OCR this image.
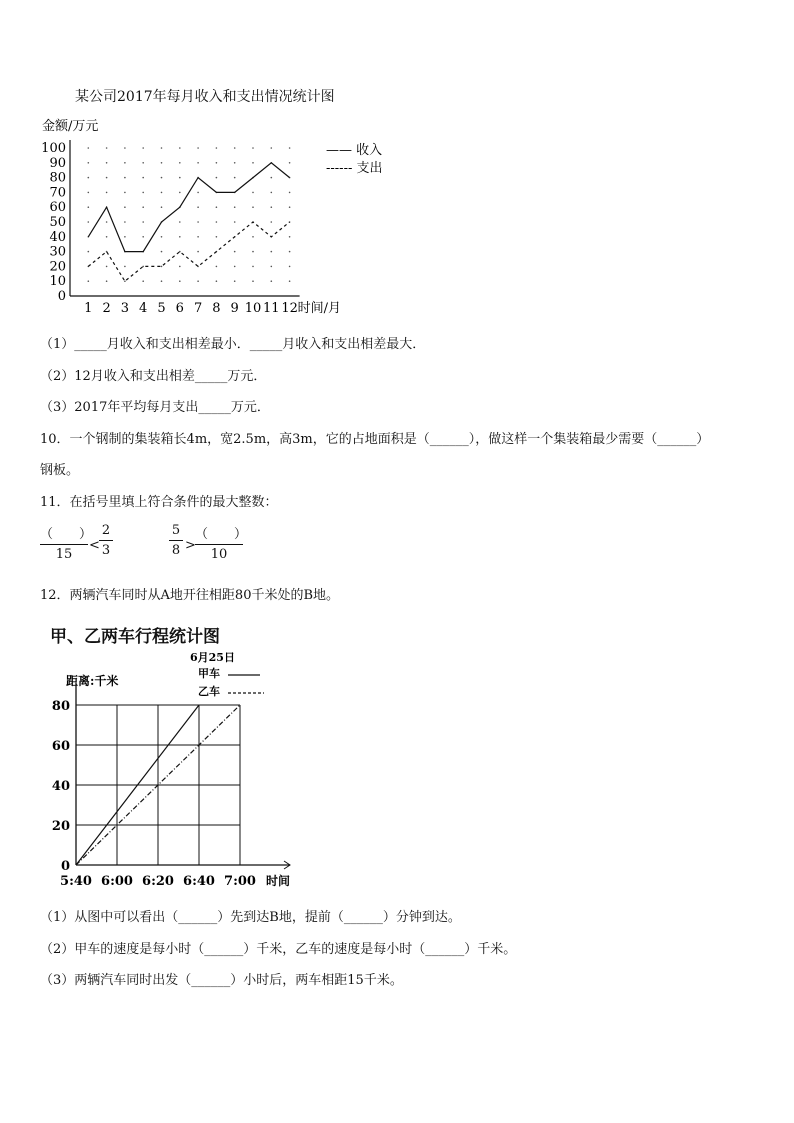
某公司2017年每月收入和支出情况统计图
金额/万元
0
10
20
30
40
50
60
70
80
90
100
1 2 3 4 5 6 7 8 9 10 11 12 时间/月
—— 收入
------ 支出
（1）_____月收入和支出相差最小．_____月收入和支出相差最大．
（2）12月收入和支出相差_____万元．
（3）2017年平均每月支出_____万元．
10．一个钢制的集装箱长4m，宽2.5m，高3m，它的占地面积是（______），做这样一个集装箱最少需要（______）
钢板。
11．在括号里填上符合条件的最大整数：
（　　）
15
<
2
3
5
8 >
（　　）
10
12．两辆汽车同时从A地开往相距80千米处的B地。
甲、乙两车行程统计图
6月25日
距离:千米
甲车
乙车
0
20
40
60
80
5:40 6:00 6:20 6:40 7:00 时间
（1）从图中可以看出（______）先到达B地，提前（______）分钟到达。
（2）甲车的速度是每小时（______）千米，乙车的速度是每小时（______）千米。
（3）两辆汽车同时出发（______）小时后，两车相距15千米。
